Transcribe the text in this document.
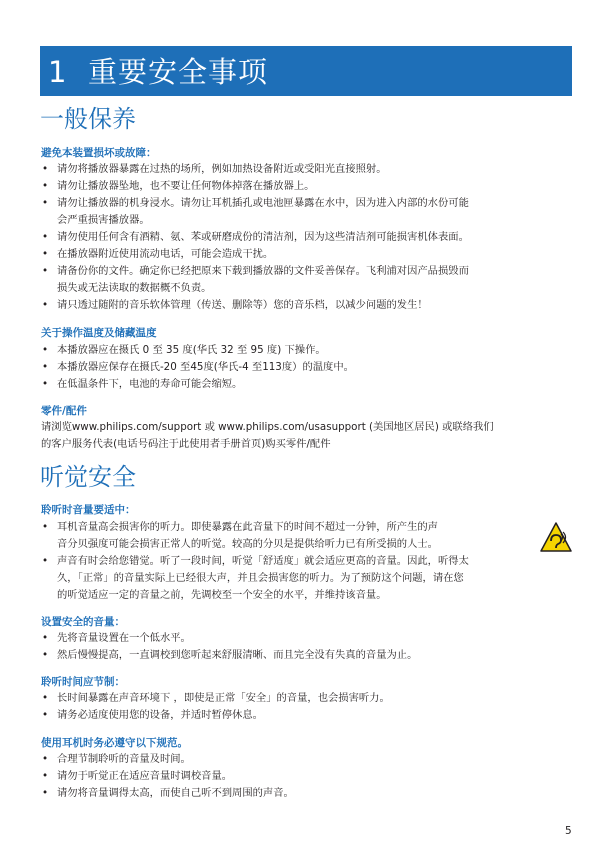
1 重要安全事项
一般保养
避免本装置损坏或故障：
• 请勿将播放器暴露在过热的场所，例如加热设备附近或受阳光直接照射。
• 请勿让播放器坠地，也不要让任何物体掉落在播放器上。
• 请勿让播放器的机身浸水。请勿让耳机插孔或电池匣暴露在水中，因为进入内部的水份可能
会严重损害播放器。
• 请勿使用任何含有酒精、氨、苯或研磨成份的清洁剂，因为这些清洁剂可能损害机体表面。
• 在播放器附近使用流动电话，可能会造成干扰。
• 请备份你的文件。确定你已经把原来下载到播放器的文件妥善保存。飞利浦对因产品损毁而
损失或无法读取的数据概不负责。
• 请只透过随附的音乐软体管理（传送、删除等）您的音乐档，以减少问题的发生！
关于操作温度及储藏温度
• 本播放器应在摄氏 0 至 35 度(华氏 32 至 95 度) 下操作。
• 本播放器应保存在摄氏-20 至45度(华氏-4 至113度）的温度中。
• 在低温条件下，电池的寿命可能会缩短。
零件/配件
请浏览www.philips.com/support 或 www.philips.com/usasupport (美国地区居民) 或联络我们
的客户服务代表(电话号码注于此使用者手册首页)购买零件/配件
听觉安全
聆听时音量要适中：
• 耳机音量高会损害你的听力。即使暴露在此音量下的时间不超过一分钟，所产生的声
音分贝强度可能会损害正常人的听觉。较高的分贝是提供给听力已有所受损的人士。
• 声音有时会给您错觉。听了一段时间，听觉「舒适度」就会适应更高的音量。因此，听得太
久，「正常」的音量实际上已经很大声，并且会损害您的听力。为了预防这个问题，请在您
的听觉适应一定的音量之前，先调校至一个安全的水平，并维持该音量。
设置安全的音量：
• 先将音量设置在一个低水平。
• 然后慢慢提高，一直调校到您听起来舒服清晰、而且完全没有失真的音量为止。
聆听时间应节制：
• 长时间暴露在声音环境下 ，即使是正常「安全」的音量，也会损害听力。
• 请务必适度使用您的设备，并适时暂停休息。
使用耳机时务必遵守以下规范。
• 合理节制聆听的音量及时间。
• 请勿于听觉正在适应音量时调校音量。
• 请勿将音量调得太高，而使自己听不到周围的声音。
5
